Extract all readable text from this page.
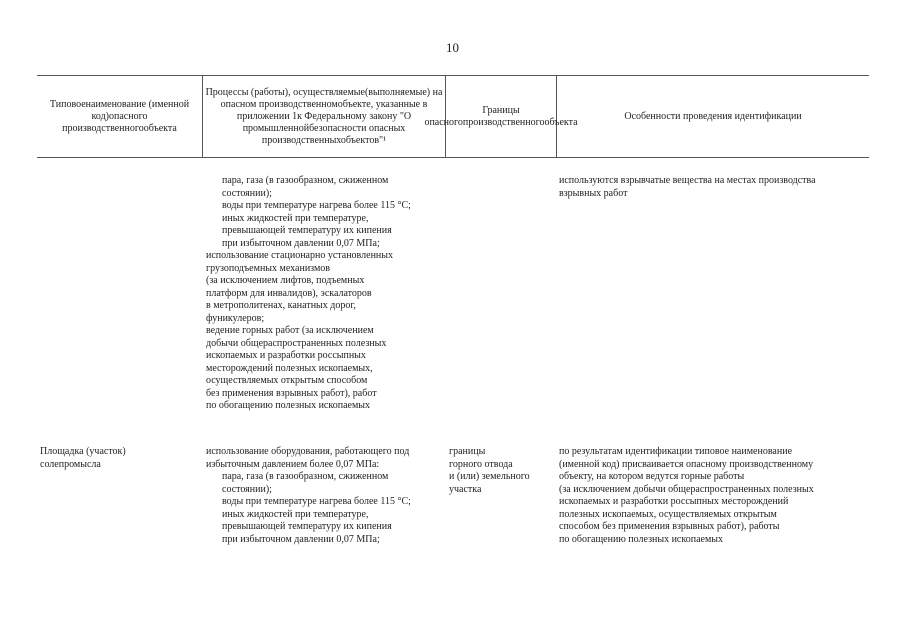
10
Типовоенаименование (именной код)опасного производственногообъекта
Процессы (работы), осуществляемые(выполняемые) на опасном производственномобъекте, указанные в приложении 1к Федеральному закону "О промышленнойбезопасности опасных производственныхобъектов"¹
Границы опасногопроизводственногообъекта
Особенности проведения идентификации
пара, газа (в газообразном, сжиженном
состоянии);
воды при температуре нагрева более 115 °С;
иных жидкостей при температуре,
превышающей температуру их кипения
при избыточном давлении 0,07 МПа;
использование стационарно установленных
грузоподъемных механизмов
(за исключением лифтов, подъемных
платформ для инвалидов), эскалаторов
в метрополитенах, канатных дорог,
фуникулеров;
ведение горных работ (за исключением
добычи общераспространенных полезных
ископаемых и разработки россыпных
месторождений полезных ископаемых,
осуществляемых открытым способом
без применения взрывных работ), работ
по обогащению полезных ископаемых
используются взрывчатые вещества на местах производства
взрывных работ
Площадка (участок)
солепромысла
использование оборудования, работающего под
избыточным давлением более 0,07 МПа:
пара, газа (в газообразном, сжиженном
состоянии);
воды при температуре нагрева более 115 °С;
иных жидкостей при температуре,
превышающей температуру их кипения
при избыточном давлении 0,07 МПа;
границы
горного отвода
и (или) земельного
участка
по результатам идентификации типовое наименование
(именной код) присваивается опасному производственному
объекту, на котором ведутся горные работы
(за исключением добычи общераспространенных полезных
ископаемых и разработки россыпных месторождений
полезных ископаемых, осуществляемых открытым
способом без применения взрывных работ), работы
по обогащению полезных ископаемых
